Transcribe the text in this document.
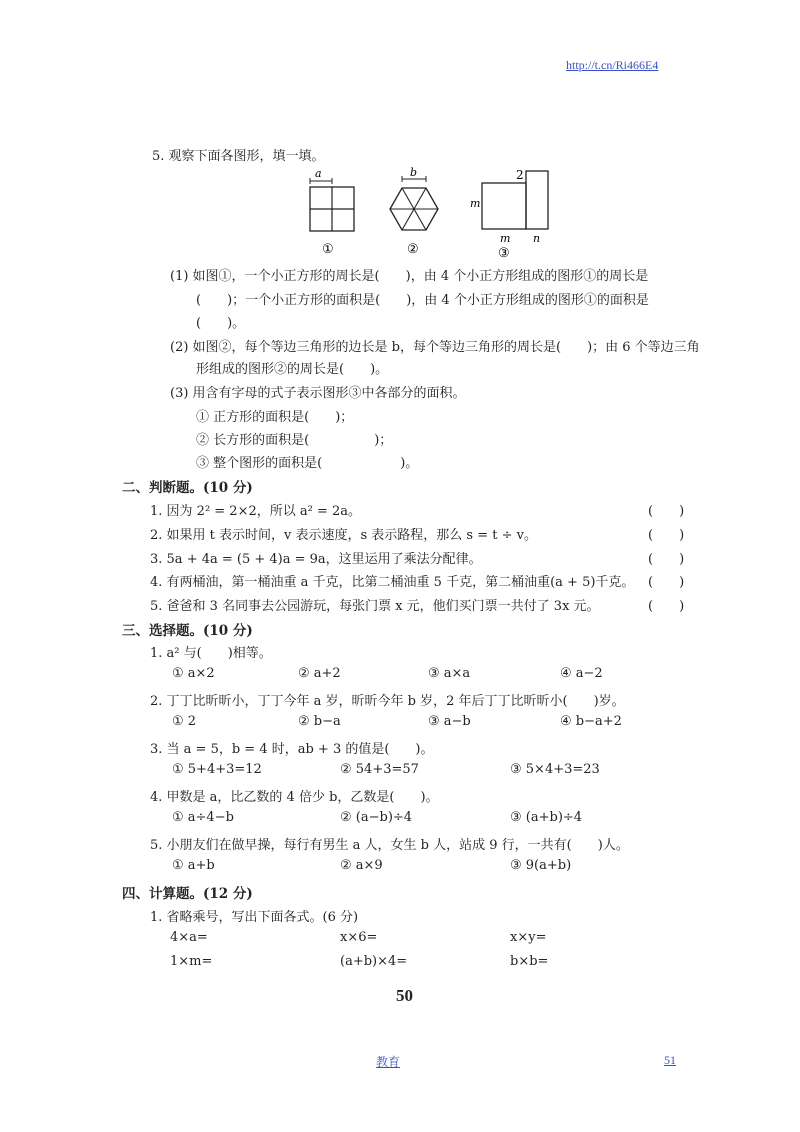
http://t.cn/Ri466E4
5. 观察下面各图形，填一填。
a
①
b
②
m
2
m n
③
(1) 如图①，一个小正方形的周长是(　　)，由 4 个小正方形组成的图形①的周长是
(　　)；一个小正方形的面积是(　　)，由 4 个小正方形组成的图形①的面积是
(　　)。
(2) 如图②，每个等边三角形的边长是 b，每个等边三角形的周长是(　　)；由 6 个等边三角
形组成的图形②的周长是(　　)。
(3) 用含有字母的式子表示图形③中各部分的面积。
① 正方形的面积是(　　)；
② 长方形的面积是(　　　　　)；
③ 整个图形的面积是(　　　　　　)。
二、判断题。(10 分)
1. 因为 2² = 2×2，所以 a² = 2a。	(　　)
2. 如果用 t 表示时间，v 表示速度，s 表示路程，那么 s = t ÷ v。	(　　)
3. 5a + 4a = (5 + 4)a = 9a，这里运用了乘法分配律。	(　　)
4. 有两桶油，第一桶油重 a 千克，比第二桶油重 5 千克，第二桶油重(a + 5)千克。 (　　)
5. 爸爸和 3 名同事去公园游玩，每张门票 x 元，他们买门票一共付了 3x 元。	(　　)
三、选择题。(10 分)
1. a² 与(　　)相等。
① a×2	② a+2	③ a×a	④ a−2
2. 丁丁比昕昕小，丁丁今年 a 岁，昕昕今年 b 岁，2 年后丁丁比昕昕小(　　)岁。
① 2	② b−a	③ a−b	④ b−a+2
3. 当 a = 5，b = 4 时，ab + 3 的值是(　　)。
① 5+4+3=12	② 54+3=57	③ 5×4+3=23
4. 甲数是 a，比乙数的 4 倍少 b，乙数是(　　)。
① a÷4−b	② (a−b)÷4	③ (a+b)÷4
5. 小朋友们在做早操，每行有男生 a 人，女生 b 人，站成 9 行，一共有(　　)人。
① a+b	② a×9	③ 9(a+b)
四、计算题。(12 分)
1. 省略乘号，写出下面各式。(6 分)
4×a=	x×6=	x×y=
1×m=	(a+b)×4=	b×b=
50
教育	51
